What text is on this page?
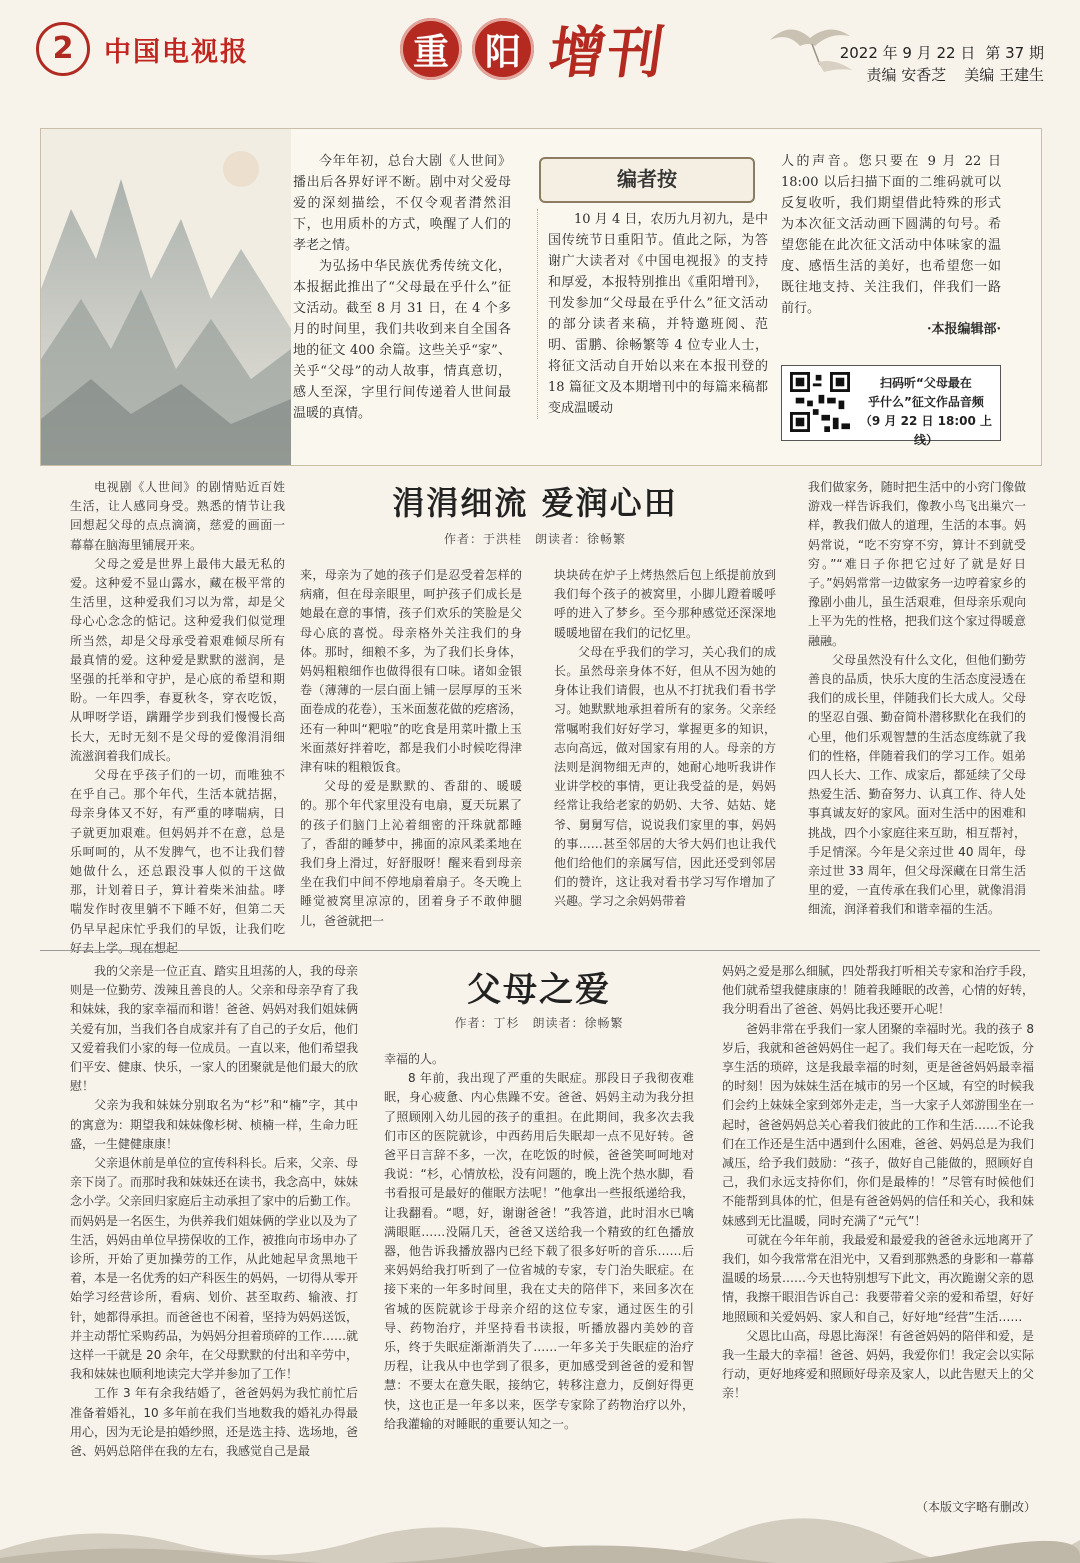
2	中国电视报	重 阳 增刊	2022 年 9 月 22 日 第 37 期
责编 安香芝 美编 王建生
今年年初，总台大剧《人世间》播出后各界好评不断。剧中对父爱母爱的深刻描绘，不仅令观者潸然泪下，也用质朴的方式，唤醒了人们的孝老之情。
为弘扬中华民族优秀传统文化，本报据此推出了“父母最在乎什么”征文活动。截至 8 月 31 日，在 4 个多月的时间里，我们共收到来自全国各地的征文 400 余篇。这些关乎“家”、关乎“父母”的动人故事，情真意切，感人至深，字里行间传递着人世间最温暖的真情。
编者按
10 月 4 日，农历九月初九，是中国传统节日重阳节。值此之际，为答谢广大读者对《中国电视报》的支持和厚爱，本报特别推出《重阳增刊》，刊发参加“父母最在乎什么”征文活动的部分读者来稿，并特邀班阅、范明、雷鹏、徐畅繁等 4 位专业人士，将征文活动自开始以来在本报刊登的 18 篇征文及本期增刊中的每篇来稿都变成温暖动
人的声音。您只要在 9 月 22 日 18:00 以后扫描下面的二维码就可以反复收听，我们期望借此特殊的形式为本次征文活动画下圆满的句号。希望您能在此次征文活动中体味家的温度、感悟生活的美好，也希望您一如既往地支持、关注我们，伴我们一路前行。
·本报编辑部·
扫码听“父母最在
乎什么”征文作品音频
（9 月 22 日 18:00 上线）

电视剧《人世间》的剧情贴近百姓生活，让人感同身受。熟悉的情节让我回想起父母的点点滴滴，慈爱的画面一幕幕在脑海里铺展开来。

父母之爱是世界上最伟大最无私的爱。这种爱不显山露水，藏在极平常的生活里，这种爱我们习以为常，却是父母心心念念的惦记。这种爱我们似觉理所当然，却是父母承受着艰难倾尽所有最真情的爱。这种爱是默默的滋润，是坚强的托举和守护，是心底的希望和期盼。一年四季，春夏秋冬，穿衣吃饭，从呷呀学语，蹒跚学步到我们慢慢长高长大，无时无刻不是父母的爱像涓涓细流滋润着我们成长。

父母在乎孩子们的一切，而唯独不在乎自己。那个年代，生活本就拮据，母亲身体又不好，有严重的哮喘病，日子就更加艰难。但妈妈并不在意，总是乐呵呵的，从不发脾气，也不让我们替她做什么，还总跟没事人似的干这做那，计划着日子，算计着柴米油盐。哮喘发作时夜里躺不下睡不好，但第二天仍早早起床忙乎我们的早饭，让我们吃好去上学。现在想起

涓涓细流 爱润心田
作者：于洪桂　朗读者：徐畅繁

来，母亲为了她的孩子们是忍受着怎样的病痛，但在母亲眼里，呵护孩子们成长是她最在意的事情，孩子们欢乐的笑脸是父母心底的喜悦。母亲格外关注我们的身体。那时，细粮不多，为了我们长身体，妈妈粗粮细作也做得很有口味。诸如金银卷（薄薄的一层白面上铺一层厚厚的玉米面卷成的花卷），玉米面葱花做的疙瘩汤，还有一种叫“粑啦”的吃食是用菜叶撒上玉米面蒸好拌着吃，都是我们小时候吃得津津有味的粗粮饭食。

父母的爱是默默的、香甜的、暖暖的。那个年代家里没有电扇，夏天玩累了的孩子们脑门上沁着细密的汗珠就都睡了，香甜的睡梦中，拂面的凉风柔柔地在我们身上滑过，好舒服呀！醒来看到母亲坐在我们中间不停地扇着扇子。冬天晚上睡觉被窝里凉凉的，团着身子不敢伸腿儿，爸爸就把一

块块砖在炉子上烤热然后包上纸提前放到我们每个孩子的被窝里，小脚儿蹬着暖呼呼的进入了梦乡。至今那种感觉还深深地暖暖地留在我们的记忆里。

父母在乎我们的学习，关心我们的成长。虽然母亲身体不好，但从不因为她的身体让我们请假，也从不打扰我们看书学习。她默默地承担着所有的家务。父亲经常嘱咐我们好好学习，掌握更多的知识，志向高远，做对国家有用的人。母亲的方法则是润物细无声的，她耐心地听我讲作业讲学校的事情，更让我受益的是，妈妈经常让我给老家的奶奶、大爷、姑姑、姥爷、舅舅写信，说说我们家里的事，妈妈的事……甚至邻居的大爷大妈们也让我代他们给他们的亲属写信，因此还受到邻居们的赞许，这让我对看书学习写作增加了兴趣。学习之余妈妈带着

我们做家务，随时把生活中的小窍门像做游戏一样告诉我们，像教小鸟飞出巢穴一样，教我们做人的道理，生活的本事。妈妈常说，“吃不穷穿不穷，算计不到就受穷。”“难日子你把它过好了就是好日子。”妈妈常常一边做家务一边哼着家乡的豫剧小曲儿，虽生活艰难，但母亲乐观向上平为先的性格，把我们这个家过得暖意融融。

父母虽然没有什么文化，但他们勤劳善良的品质，快乐大度的生活态度浸透在我们的成长里，伴随我们长大成人。父母的坚忍自强、勤奋简朴潜移默化在我们的心里，他们乐观智慧的生活态度练就了我们的性格，伴随着我们的学习工作。姐弟四人长大、工作、成家后，都延续了父母热爱生活、勤奋努力、认真工作、待人处事真诚友好的家风。面对生活中的困难和挑战，四个小家庭往来互助，相互帮衬，手足情深。今年是父亲过世 40 周年，母亲过世 33 周年，但父母深藏在日常生活里的爱，一直传承在我们心里，就像涓涓细流，润泽着我们和谐幸福的生活。

我的父亲是一位正直、踏实且坦荡的人，我的母亲则是一位勤劳、泼辣且善良的人。父亲和母亲孕育了我和妹妹，我的家幸福而和谐！爸爸、妈妈对我们姐妹俩关爱有加，当我们各自成家并有了自己的子女后，他们又爱着我们小家的每一位成员。一直以来，他们希望我们平安、健康、快乐，一家人的团聚就是他们最大的欣慰！

父亲为我和妹妹分别取名为“杉”和“楠”字，其中的寓意为：期望我和妹妹像杉树、桢楠一样，生命力旺盛，一生健健康康！

父亲退休前是单位的宣传科科长。后来，父亲、母亲下岗了。而那时我和妹妹还在读书，我念高中，妹妹念小学。父亲回归家庭后主动承担了家中的后勤工作。而妈妈是一名医生，为供养我们姐妹俩的学业以及为了生活，妈妈由单位早捞保收的工作，被推向市场申办了诊所，开始了更加操劳的工作，从此她起早贪黑地干着，本是一名优秀的妇产科医生的妈妈，一切得从零开始学习经营诊所，看病、划价、甚至取药、输液、打针，她都得承担。而爸爸也不闲着，坚持为妈妈送饭，并主动帮忙采购药品，为妈妈分担着琐碎的工作……就这样一干就是 20 余年，在父母默默的付出和辛劳中，我和妹妹也顺利地读完大学并参加了工作！

工作 3 年有余我结婚了，爸爸妈妈为我忙前忙后准备着婚礼，10 多年前在我们当地数我的婚礼办得最用心，因为无论是拍婚纱照，还是选主持、选场地，爸爸、妈妈总陪伴在我的左右，我感觉自己是最

父母之爱
作者：丁杉　朗读者：徐畅繁

幸福的人。

8 年前，我出现了严重的失眠症。那段日子我彻夜难眠，身心疲惫、内心焦躁不安。爸爸、妈妈主动为我分担了照顾刚入幼儿园的孩子的重担。在此期间，我多次去我们市区的医院就诊，中西药用后失眠却一点不见好转。爸爸平日言辞不多，一次，在吃饭的时候，爸爸笑呵呵地对我说：“杉，心情放松，没有问题的，晚上洗个热水脚，看书看报可是最好的催眠方法呢！”他拿出一些报纸递给我，让我翻看。“嗯，好，谢谢爸爸！”我答道，此时泪水已噙满眼眶……没隔几天，爸爸又送给我一个精致的红色播放器，他告诉我播放器内已经下载了很多好听的音乐……后来妈妈给我打听到了一位省城的专家，专门治失眠症。在接下来的一年多时间里，我在丈夫的陪伴下，来回多次在省城的医院就诊于母亲介绍的这位专家，通过医生的引导、药物治疗，并坚持看书读报，听播放器内美妙的音乐，终于失眠症渐渐消失了……一年多关于失眠症的治疗历程，让我从中也学到了很多，更加感受到爸爸的爱和智慧：不要太在意失眠，接纳它，转移注意力，反倒好得更快，这也正是一年多以来，医学专家除了药物治疗以外，给我灌输的对睡眠的重要认知之一。

妈妈之爱是那么细腻，四处帮我打听相关专家和治疗手段，他们就希望我健康康的！随着我睡眠的改善，心情的好转，我分明看出了爸爸、妈妈比我还要开心呢！

爸妈非常在乎我们一家人团聚的幸福时光。我的孩子 8 岁后，我就和爸爸妈妈住一起了。我们每天在一起吃饭，分享生活的琐碎，这是我最幸福的时刻，更是爸爸妈妈最幸福的时刻！因为妹妹生活在城市的另一个区域，有空的时候我们会约上妹妹全家到郊外走走，当一大家子人郊游围坐在一起时，爸爸妈妈总关心着我们彼此的工作和生活……不论我们在工作还是生活中遇到什么困难，爸爸、妈妈总是为我们减压，给予我们鼓励：“孩子，做好自己能做的，照顾好自己，我们永远支持你们，你们是最棒的！”尽管有时候他们不能帮到具体的忙，但是有爸爸妈妈的信任和关心，我和妹妹感到无比温暖，同时充满了“元气”！

可就在今年年前，我最爱和最爱我的爸爸永远地离开了我们，如今我常常在泪光中，又看到那熟悉的身影和一幕幕温暖的场景……今天也特别想写下此文，再次跪谢父亲的恩情，我擦干眼泪告诉自己：我要带着父亲的爱和希望，好好地照顾和关爱妈妈、家人和自己，好好地“经营”生活……

父恩比山高，母恩比海深！有爸爸妈妈的陪伴和爱，是我一生最大的幸福！爸爸、妈妈，我爱你们！我定会以实际行动，更好地疼爱和照顾好母亲及家人，以此告慰天上的父亲！

（本版文字略有删改）
